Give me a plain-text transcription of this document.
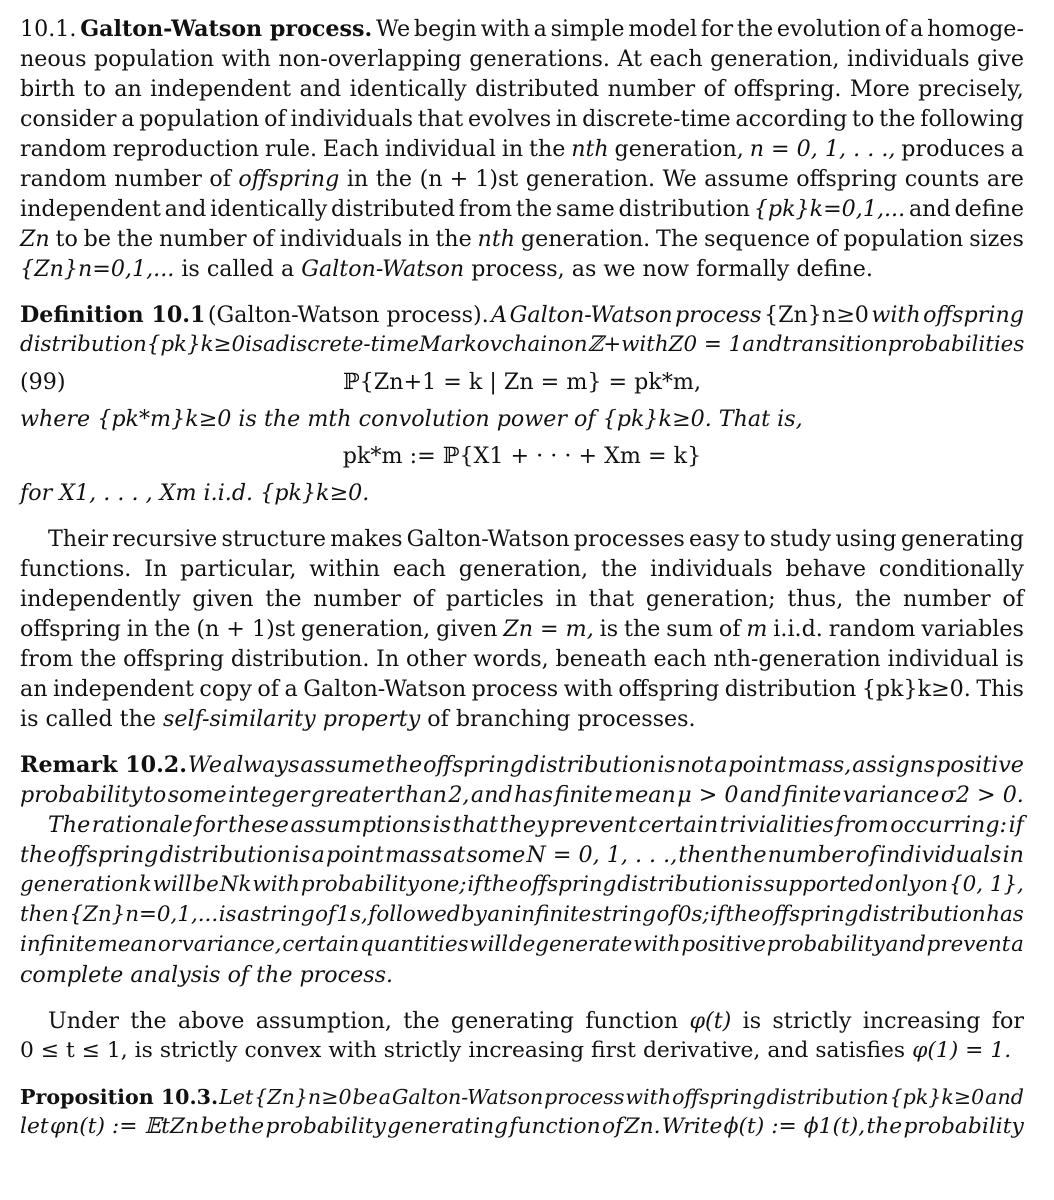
10.1. Galton-Watson process. We begin with a simple model for the evolution of a homoge-
neous population with non-overlapping generations. At each generation, individuals give
birth to an independent and identically distributed number of offspring. More precisely,
consider a population of individuals that evolves in discrete-time according to the following
random reproduction rule. Each individual in the nth generation, n = 0, 1, . . ., produces a
random number of offspring in the (n + 1)st generation. We assume offspring counts are
independent and identically distributed from the same distribution {pk}k=0,1,... and define
Zn to be the number of individuals in the nth generation. The sequence of population sizes
{Zn}n=0,1,... is called a Galton-Watson process, as we now formally define.
Definition 10.1 (Galton-Watson process). A Galton-Watson process {Zn}n≥0 with offspring
distribution {pk}k≥0 is a discrete-time Markov chain on ℤ+ with Z0 = 1 and transition probabilities
(99)	ℙ{Zn+1 = k | Zn = m} = pk*m,
where {pk*m}k≥0 is the mth convolution power of {pk}k≥0. That is,
pk*m := ℙ{X1 + · · · + Xm = k}
for X1, . . . , Xm i.i.d. {pk}k≥0.
Their recursive structure makes Galton-Watson processes easy to study using generating
functions. In particular, within each generation, the individuals behave conditionally
independently given the number of particles in that generation; thus, the number of
offspring in the (n + 1)st generation, given Zn = m, is the sum of m i.i.d. random variables
from the offspring distribution. In other words, beneath each nth-generation individual is
an independent copy of a Galton-Watson process with offspring distribution {pk}k≥0. This
is called the self-similarity property of branching processes.
Remark 10.2. We always assume the offspring distribution is not a point mass, assigns positive
probability to some integer greater than 2, and has finite mean μ > 0 and finite variance σ2 > 0.
The rationale for these assumptions is that they prevent certain trivialities from occurring: if
the offspring distribution is a point mass at some N = 0, 1, . . ., then the number of individuals in
generation k will be Nk with probability one; if the offspring distribution is supported only on {0, 1},
then {Zn}n=0,1,... is a string of 1s, followed by an infinite string of 0s; if the offspring distribution has
infinite mean or variance, certain quantities will degenerate with positive probability and prevent a
complete analysis of the process.
Under the above assumption, the generating function φ(t) is strictly increasing for
0 ≤ t ≤ 1, is strictly convex with strictly increasing first derivative, and satisfies φ(1) = 1.
Proposition 10.3. Let {Zn}n≥0 be a Galton-Watson process with offspring distribution {pk}k≥0 and
let φn(t) := 𝔼tZn be the probability generating function of Zn. Write ϕ(t) := ϕ1(t), the probability
